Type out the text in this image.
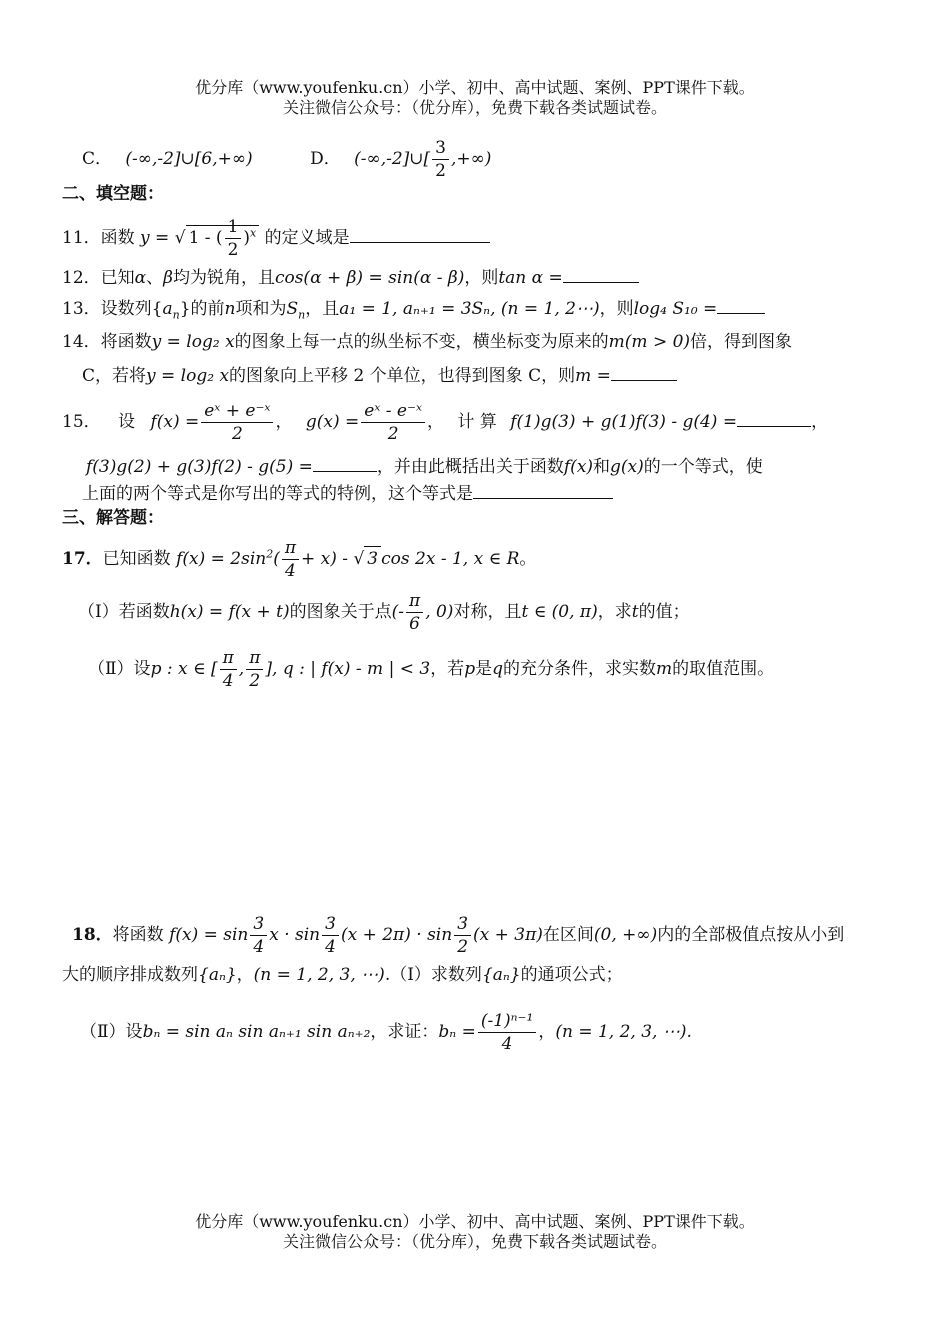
优分库（www.youfenku.cn）小学、初中、高中试题、案例、PPT课件下载。
关注微信公众号：（优分库），免费下载各类试题试卷。
C． (-∞,-2]∪[6,+∞)	D． (-∞,-2]∪[ $\frac{3}{2}$ ,+∞)
二、填空题：
11．函数 y = √ 1 - ( $\frac{1}{2} )^x$ 的定义域是
12．已知α、β均为锐角，且cos(α + β) = sin(α - β)，则tan α =
13．设数列$\{a_n\}$的前n项和为$S_n$，且a₁ = 1, aₙ₊₁ = 3Sₙ, (n = 1, 2⋯)，则log₄ S₁₀ =
14．将函数y = log₂ x的图象上每一点的纵坐标不变，横坐标变为原来的m(m > 0)倍，得到图象
C，若将y = log₂ x的图象向上平移 2 个单位，也得到图象 C，则m =
15． 设 $f(x) = \frac{\text{eˣ + e⁻ˣ}}{2}$ ， $g(x) = \frac{\text{eˣ - e⁻ˣ}}{2}$ ， 计 算 f(1)g(3) + g(1)f(3) - g(4) =	，
f(3)g(2) + g(3)f(2) - g(5) =	，并由此概括出关于函数f(x)和g(x)的一个等式，使
上面的两个等式是你写出的等式的特例，这个等式是
三、解答题：
17．已知函数 $f(x) = 2\sin^2( \frac{\pi}{4} + x)$ - √ 3 cos 2x - 1, x ∈ R。
（Ⅰ）若函数h(x) = f(x + t)的图象关于点(- $\frac{\pi}{6}$ , 0)对称，且t ∈ (0, π)，求t的值；
（Ⅱ）设p : x ∈ [ $\frac{\pi}{4}$ , $\frac{\pi}{2}$ ], q : | f(x) - m | < 3，若p是q的充分条件，求实数m的取值范围。
18．将函数 $f(x) = \sin \frac{3}{4}$ $x \cdot \sin \frac{3}{4} (x + 2\pi) \cdot \sin \frac{3}{2} (x + 3\pi)$在区间(0, +∞)内的全部极值点按从小到
大的顺序排成数列{aₙ}，(n = 1, 2, 3, ⋯).（Ⅰ）求数列{aₙ}的通项公式；
（Ⅱ）设bₙ = sin aₙ sin aₙ₊₁ sin aₙ₊₂，求证：$b_n = \frac{\text{(-1)ⁿ⁻¹}}{4}$ ，(n = 1, 2, 3, ⋯).
优分库（www.youfenku.cn）小学、初中、高中试题、案例、PPT课件下载。
关注微信公众号：（优分库），免费下载各类试题试卷。
